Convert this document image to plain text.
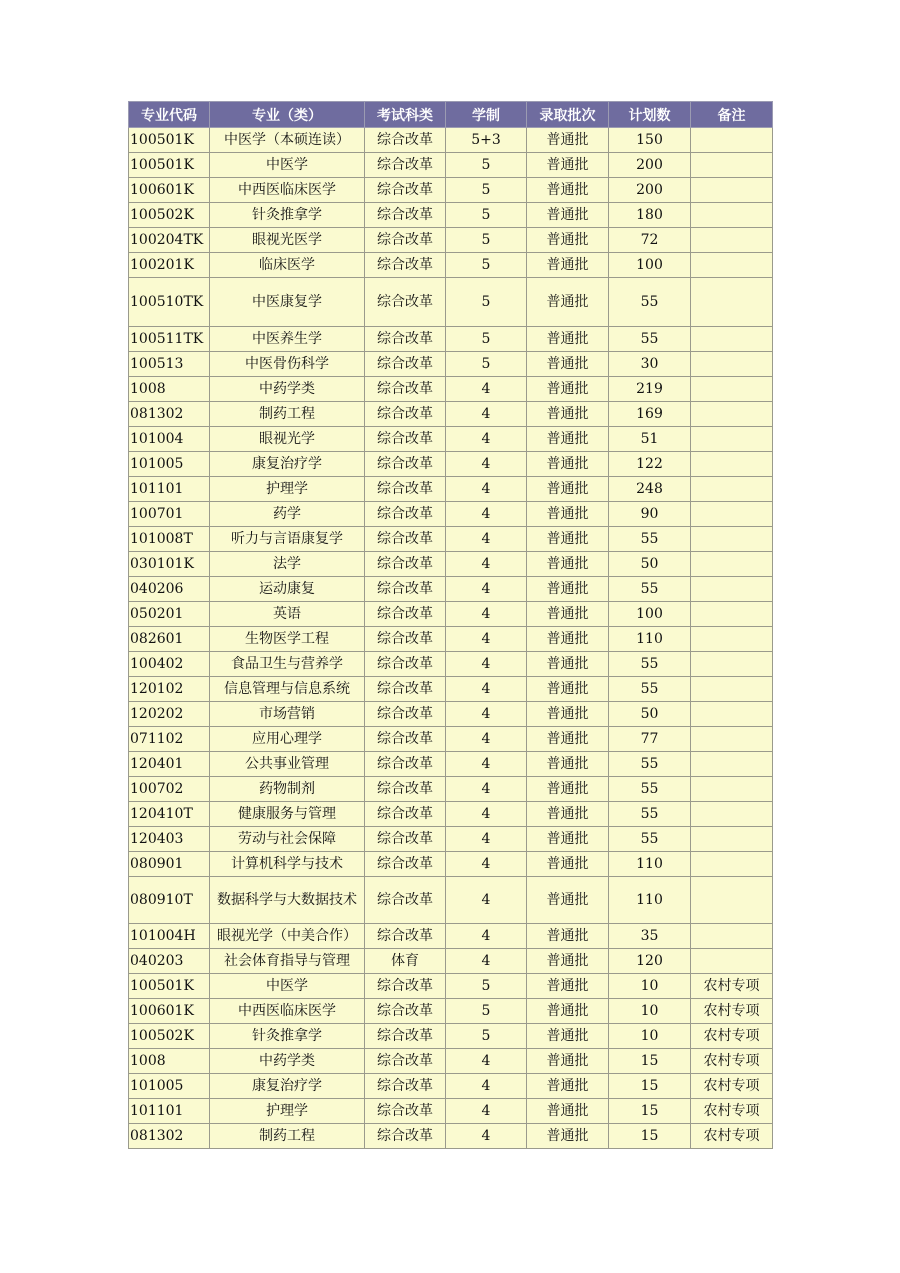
专业代码	专业（类）	考试科类	学制	录取批次	计划数	备注
100501K	中医学（本硕连读）	综合改革	5+3	普通批	150	
100501K	中医学	综合改革	5	普通批	200	
100601K	中西医临床医学	综合改革	5	普通批	200	
100502K	针灸推拿学	综合改革	5	普通批	180	
100204TK	眼视光医学	综合改革	5	普通批	72	
100201K	临床医学	综合改革	5	普通批	100	
100510TK	中医康复学	综合改革	5	普通批	55	
100511TK	中医养生学	综合改革	5	普通批	55	
100513	中医骨伤科学	综合改革	5	普通批	30	
1008	中药学类	综合改革	4	普通批	219	
081302	制药工程	综合改革	4	普通批	169	
101004	眼视光学	综合改革	4	普通批	51	
101005	康复治疗学	综合改革	4	普通批	122	
101101	护理学	综合改革	4	普通批	248	
100701	药学	综合改革	4	普通批	90	
101008T	听力与言语康复学	综合改革	4	普通批	55	
030101K	法学	综合改革	4	普通批	50	
040206	运动康复	综合改革	4	普通批	55	
050201	英语	综合改革	4	普通批	100	
082601	生物医学工程	综合改革	4	普通批	110	
100402	食品卫生与营养学	综合改革	4	普通批	55	
120102	信息管理与信息系统	综合改革	4	普通批	55	
120202	市场营销	综合改革	4	普通批	50	
071102	应用心理学	综合改革	4	普通批	77	
120401	公共事业管理	综合改革	4	普通批	55	
100702	药物制剂	综合改革	4	普通批	55	
120410T	健康服务与管理	综合改革	4	普通批	55	
120403	劳动与社会保障	综合改革	4	普通批	55	
080901	计算机科学与技术	综合改革	4	普通批	110	
080910T	数据科学与大数据技术	综合改革	4	普通批	110	
101004H	眼视光学（中美合作）	综合改革	4	普通批	35	
040203	社会体育指导与管理	体育	4	普通批	120	
100501K	中医学	综合改革	5	普通批	10	农村专项
100601K	中西医临床医学	综合改革	5	普通批	10	农村专项
100502K	针灸推拿学	综合改革	5	普通批	10	农村专项
1008	中药学类	综合改革	4	普通批	15	农村专项
101005	康复治疗学	综合改革	4	普通批	15	农村专项
101101	护理学	综合改革	4	普通批	15	农村专项
081302	制药工程	综合改革	4	普通批	15	农村专项
